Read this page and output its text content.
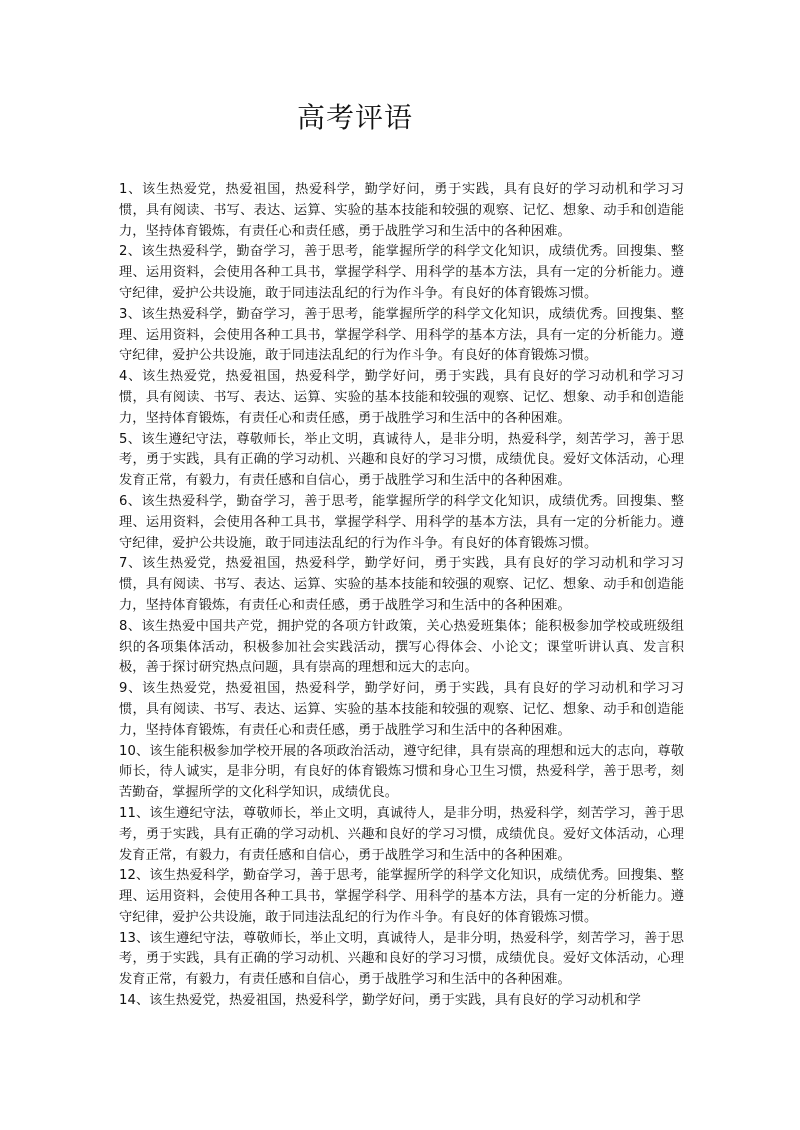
高考评语

1、该生热爱党，热爱祖国，热爱科学，勤学好问，勇于实践，具有良好的学习动机和学习习惯，具有阅读、书写、表达、运算、实验的基本技能和较强的观察、记忆、想象、动手和创造能力，坚持体育锻炼，有责任心和责任感，勇于战胜学习和生活中的各种困难。

2、该生热爱科学，勤奋学习，善于思考，能掌握所学的科学文化知识，成绩优秀。回搜集、整理、运用资料，会使用各种工具书，掌握学科学、用科学的基本方法，具有一定的分析能力。遵守纪律，爱护公共设施，敢于同违法乱纪的行为作斗争。有良好的体育锻炼习惯。

3、该生热爱科学，勤奋学习，善于思考，能掌握所学的科学文化知识，成绩优秀。回搜集、整理、运用资料，会使用各种工具书，掌握学科学、用科学的基本方法，具有一定的分析能力。遵守纪律，爱护公共设施，敢于同违法乱纪的行为作斗争。有良好的体育锻炼习惯。

4、该生热爱党，热爱祖国，热爱科学，勤学好问，勇于实践，具有良好的学习动机和学习习惯，具有阅读、书写、表达、运算、实验的基本技能和较强的观察、记忆、想象、动手和创造能力，坚持体育锻炼，有责任心和责任感，勇于战胜学习和生活中的各种困难。

5、该生遵纪守法，尊敬师长，举止文明，真诚待人，是非分明，热爱科学，刻苦学习，善于思考，勇于实践，具有正确的学习动机、兴趣和良好的学习习惯，成绩优良。爱好文体活动，心理发育正常，有毅力，有责任感和自信心，勇于战胜学习和生活中的各种困难。

6、该生热爱科学，勤奋学习，善于思考，能掌握所学的科学文化知识，成绩优秀。回搜集、整理、运用资料，会使用各种工具书，掌握学科学、用科学的基本方法，具有一定的分析能力。遵守纪律，爱护公共设施，敢于同违法乱纪的行为作斗争。有良好的体育锻炼习惯。

7、该生热爱党，热爱祖国，热爱科学，勤学好问，勇于实践，具有良好的学习动机和学习习惯，具有阅读、书写、表达、运算、实验的基本技能和较强的观察、记忆、想象、动手和创造能力，坚持体育锻炼，有责任心和责任感，勇于战胜学习和生活中的各种困难。

8、该生热爱中国共产党，拥护党的各项方针政策，关心热爱班集体；能积极参加学校或班级组织的各项集体活动，积极参加社会实践活动，撰写心得体会、小论文；课堂听讲认真、发言积极，善于探讨研究热点问题，具有崇高的理想和远大的志向。

9、该生热爱党，热爱祖国，热爱科学，勤学好问，勇于实践，具有良好的学习动机和学习习惯，具有阅读、书写、表达、运算、实验的基本技能和较强的观察、记忆、想象、动手和创造能力，坚持体育锻炼，有责任心和责任感，勇于战胜学习和生活中的各种困难。

10、该生能积极参加学校开展的各项政治活动，遵守纪律，具有崇高的理想和远大的志向，尊敬师长，待人诚实，是非分明，有良好的体育锻炼习惯和身心卫生习惯，热爱科学，善于思考，刻苦勤奋，掌握所学的文化科学知识，成绩优良。

11、该生遵纪守法，尊敬师长，举止文明，真诚待人，是非分明，热爱科学，刻苦学习，善于思考，勇于实践，具有正确的学习动机、兴趣和良好的学习习惯，成绩优良。爱好文体活动，心理发育正常，有毅力，有责任感和自信心，勇于战胜学习和生活中的各种困难。

12、该生热爱科学，勤奋学习，善于思考，能掌握所学的科学文化知识，成绩优秀。回搜集、整理、运用资料，会使用各种工具书，掌握学科学、用科学的基本方法，具有一定的分析能力。遵守纪律，爱护公共设施，敢于同违法乱纪的行为作斗争。有良好的体育锻炼习惯。

13、该生遵纪守法，尊敬师长，举止文明，真诚待人，是非分明，热爱科学，刻苦学习，善于思考，勇于实践，具有正确的学习动机、兴趣和良好的学习习惯，成绩优良。爱好文体活动，心理发育正常，有毅力，有责任感和自信心，勇于战胜学习和生活中的各种困难。

14、该生热爱党，热爱祖国，热爱科学，勤学好问，勇于实践，具有良好的学习动机和学
